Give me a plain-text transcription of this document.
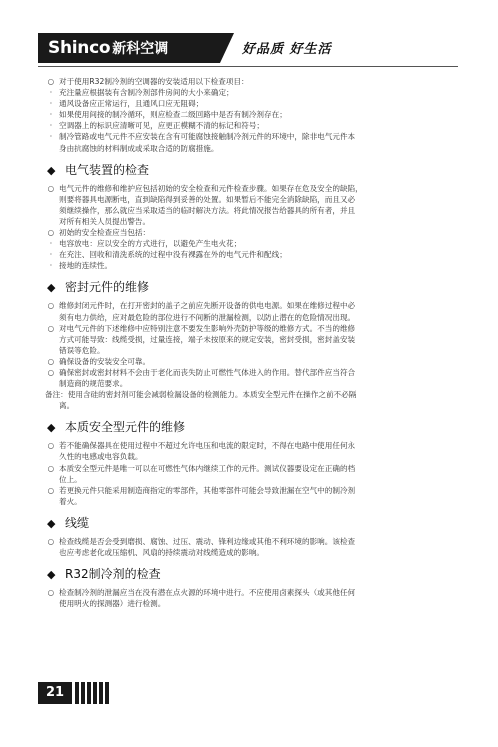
Shinco 新科空调	好品质 好生活
○ 对于使用R32制冷剂的空调器的安装适用以下检查项目：
· 充注量应根据装有含制冷剂部件房间的大小来确定；
· 通风设备应正常运行，且通风口应无阻碍；
· 如果使用间接的制冷循环，则应检查二级回路中是否有制冷剂存在；
· 空调器上的标识应清晰可见，应更正模糊不清的标记和符号；
· 制冷管路或电气元件不应安装在含有可能腐蚀接触制冷剂元件的环境中，除非电气元件本
身由抗腐蚀的材料制成或采取合适的防腐措施。
◆ 电气装置的检查
○ 电气元件的维修和维护应包括初始的安全检查和元件检查步骤。如果存在危及安全的缺陷，
则要将器具电源断电，直到缺陷得到妥善的处置。如果暂后不能完全消除缺陷，而且又必
须继续操作，那么就应当采取适当的临时解决方法。将此情况报告给器具的所有者，并且
对所有相关人员提出警告。
○ 初始的安全检查应当包括：
· 电容放电：应以安全的方式进行，以避免产生电火花；
· 在充注、回收和清洗系统的过程中没有裸露在外的电气元件和配线；
· 接地的连续性。
◆ 密封元件的维修
○ 维修封闭元件时，在打开密封的盖子之前应先断开设备的供电电源。如果在维修过程中必
须有电力供给，应对最危险的部位进行不间断的泄漏检测，以防止潜在的危险情况出现。
○ 对电气元件的下述维修中应特别注意不要发生影响外壳防护等级的维修方式。不当的维修
方式可能导致：线缆受损，过量连接，端子未按原来的规定安装，密封受损，密封盖安装
错误等危险。
○ 确保设备的安装安全可靠。
○ 确保密封或密封材料不会由于老化而丧失防止可燃性气体进入的作用。替代部件应当符合
制造商的规范要求。
备注：使用含硅的密封剂可能会减弱检漏设备的检测能力。本质安全型元件在操作之前不必隔
离。
◆ 本质安全型元件的维修
○ 若不能确保器具在使用过程中不超过允许电压和电流的限定时，不得在电路中使用任何永
久性的电感或电容负载。
○ 本质安全型元件是唯一可以在可燃性气体内继续工作的元件。测试仪器要设定在正确的档
位上。
○ 若更换元件只能采用制造商指定的零部件，其他零部件可能会导致泄漏在空气中的制冷剂
着火。
◆ 线缆
○ 检查线缆是否会受到磨损、腐蚀、过压、震动、锋利边缘或其他不利环境的影响。该检查
也应考虑老化或压缩机、风扇的持续震动对线缆造成的影响。
◆ R32制冷剂的检查
○ 检查制冷剂的泄漏应当在没有潜在点火源的环境中进行。不应使用卤素探头（或其他任何
使用明火的探测器）进行检测。
21
